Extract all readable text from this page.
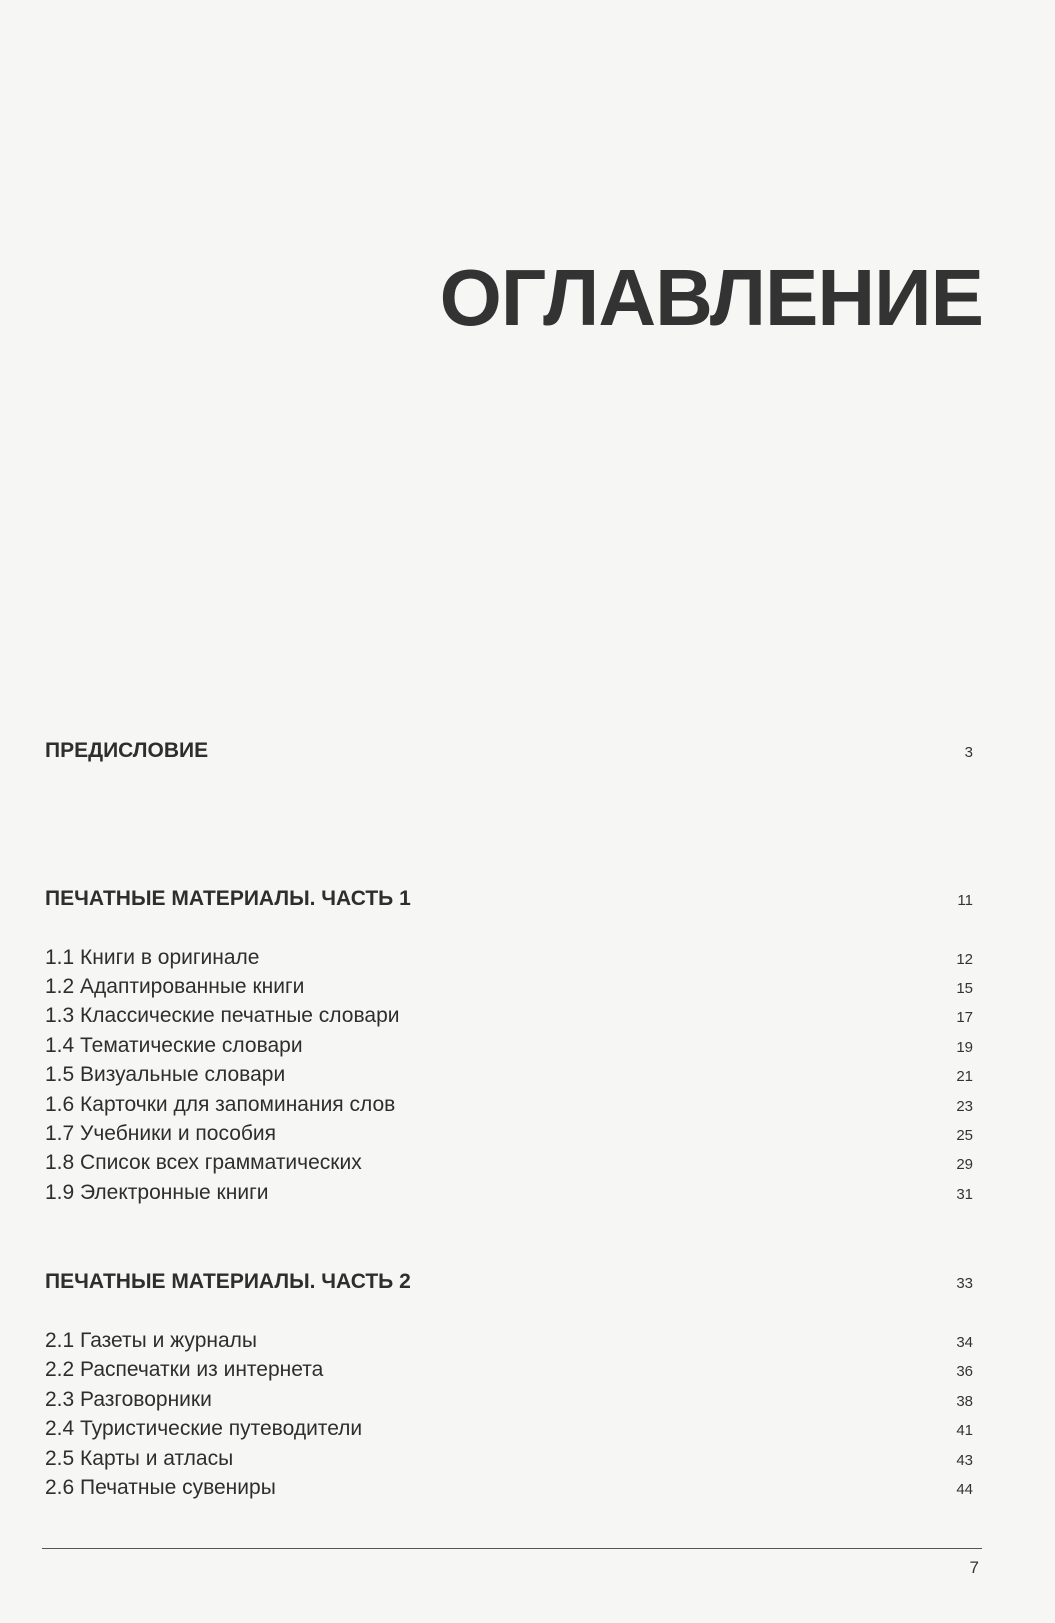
ОГЛАВЛЕНИЕ
ПРЕДИСЛОВИЕ	3
ПЕЧАТНЫЕ МАТЕРИАЛЫ. ЧАСТЬ 1	11
1.1 Книги в оригинале	12
1.2 Адаптированные книги	15
1.3 Классические печатные словари	17
1.4 Тематические словари	19
1.5 Визуальные словари	21
1.6 Карточки для запоминания слов	23
1.7 Учебники и пособия	25
1.8 Список всех грамматических	29
1.9 Электронные книги	31
ПЕЧАТНЫЕ МАТЕРИАЛЫ. ЧАСТЬ 2	33
2.1 Газеты и журналы	34
2.2 Распечатки из интернета	36
2.3 Разговорники	38
2.4 Туристические путеводители	41
2.5 Карты и атласы	43
2.6 Печатные сувениры	44
7
